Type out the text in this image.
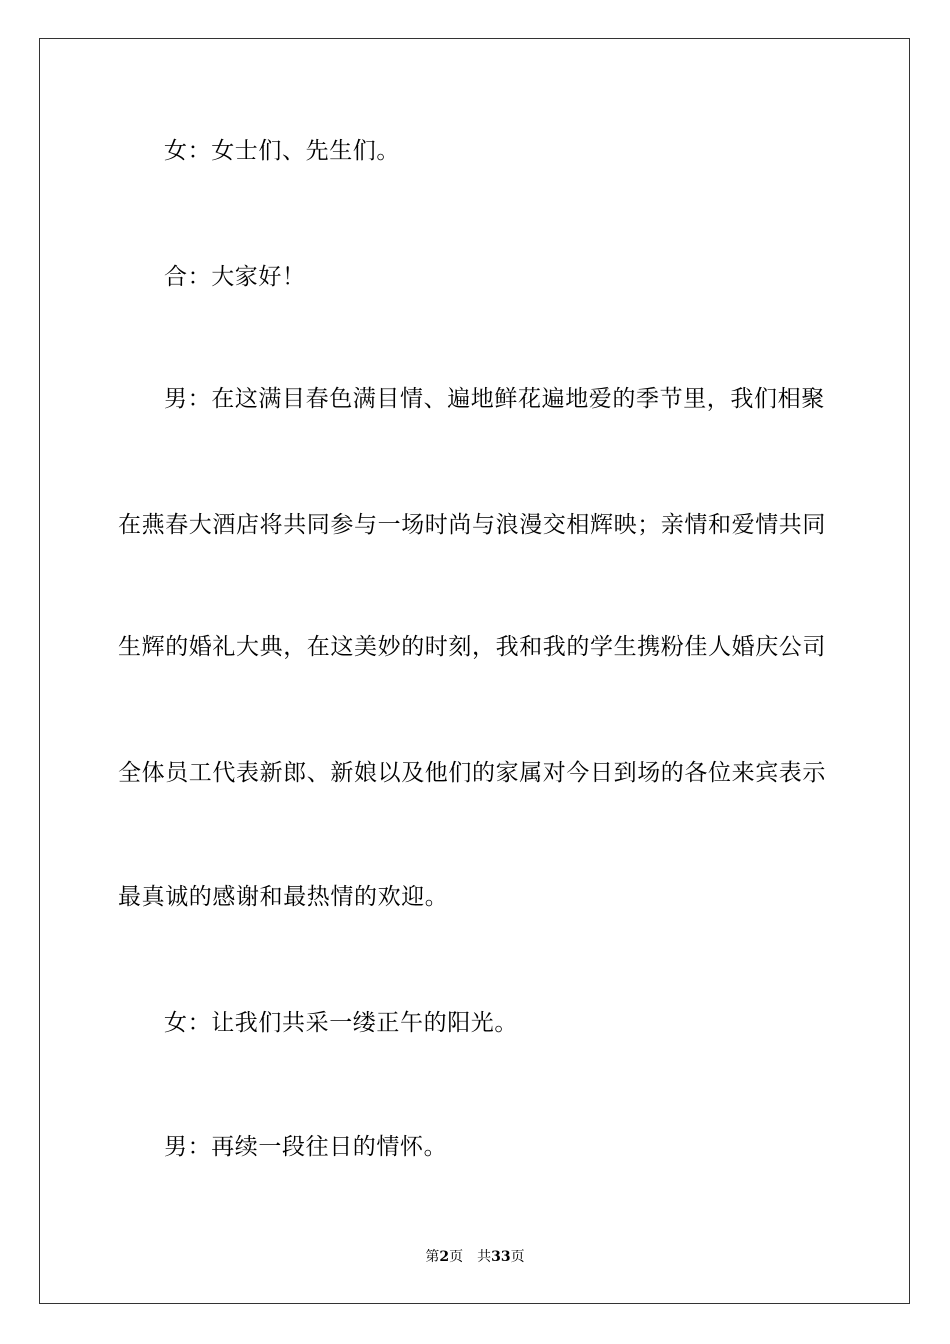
女：女士们、先生们。
合：大家好！
男：在这满目春色满目情、遍地鲜花遍地爱的季节里，我们相聚
在燕春大酒店将共同参与一场时尚与浪漫交相辉映；亲情和爱情共同
生辉的婚礼大典，在这美妙的时刻，我和我的学生携粉佳人婚庆公司
全体员工代表新郎、新娘以及他们的家属对今日到场的各位来宾表示
最真诚的感谢和最热情的欢迎。
女：让我们共采一缕正午的阳光。
男：再续一段往日的情怀。
第2页 共33页
